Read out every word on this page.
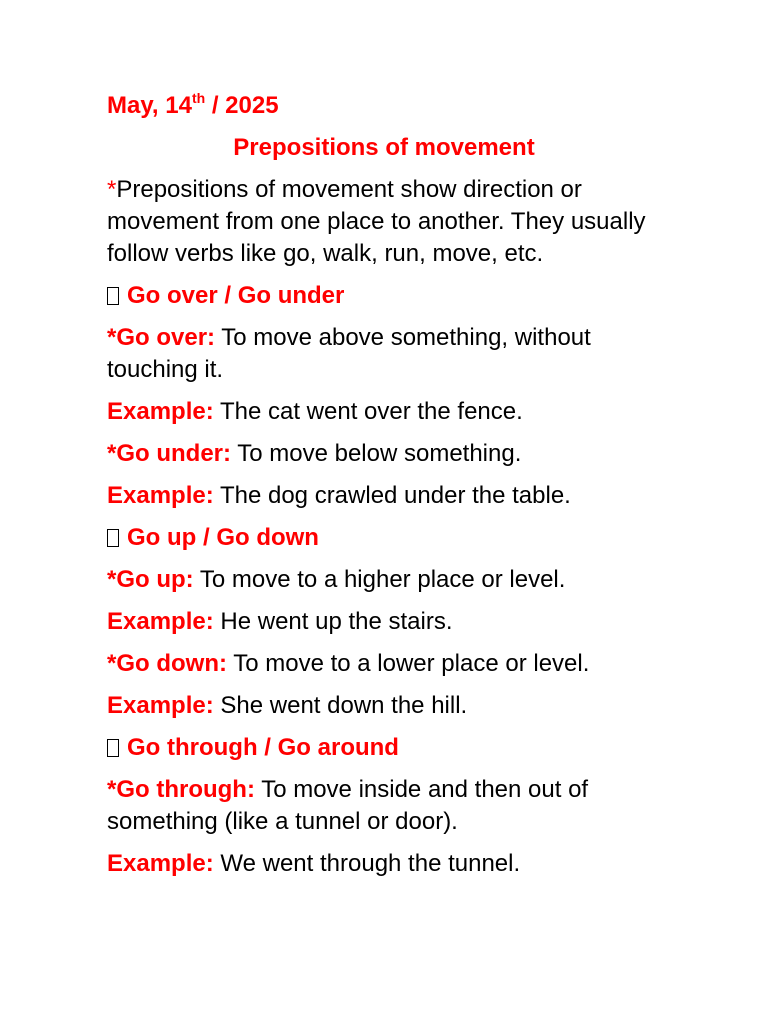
May, 14th / 2025
Prepositions of movement

*Prepositions of movement show direction or movement from one place to another. They usually follow verbs like go, walk, run, move, etc.

Go over / Go under

*Go over: To move above something, without touching it.

Example: The cat went over the fence.

*Go under: To move below something.

Example: The dog crawled under the table.

Go up / Go down

*Go up: To move to a higher place or level.

Example: He went up the stairs.

*Go down: To move to a lower place or level.

Example: She went down the hill.

Go through / Go around

*Go through: To move inside and then out of something (like a tunnel or door).

Example: We went through the tunnel.
